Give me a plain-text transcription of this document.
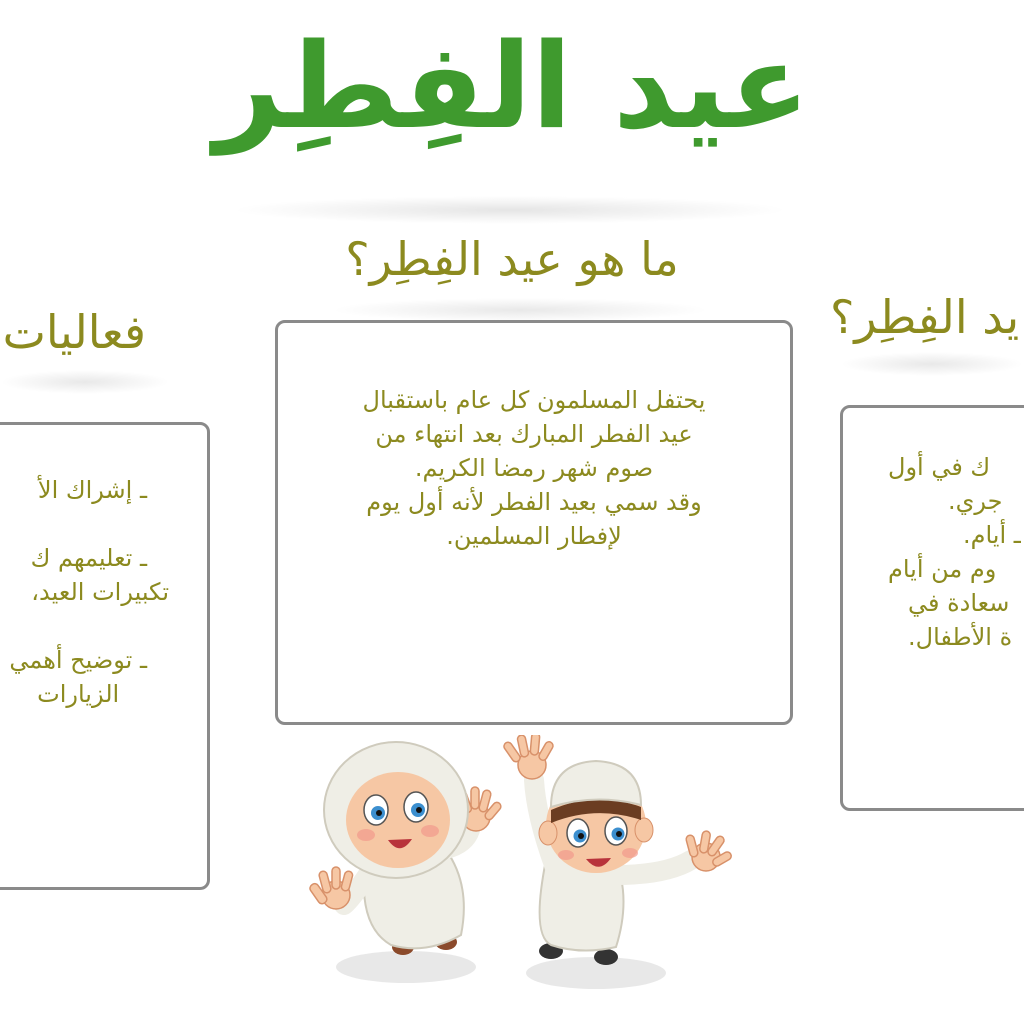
عيد الفِطِر
ما هو عيد الفِطِر؟
يحتفل المسلمون كل عام باستقبال
عيد الفطر المبارك بعد انتهاء من
صوم شهر رمضا الكريم.
وقد سمي بعيد الفطر لأنه أول يوم
لإفطار المسلمين.
فعاليات
ـ إشراك الأ
ـ تعليمهم ك
تكبيرات العيد،
ـ توضيح أهمي
الزيارات
يد الفِطِر؟
ك في أول
جري.
ـ أيام.
وم من أيام
سعادة في
ة الأطفال.
